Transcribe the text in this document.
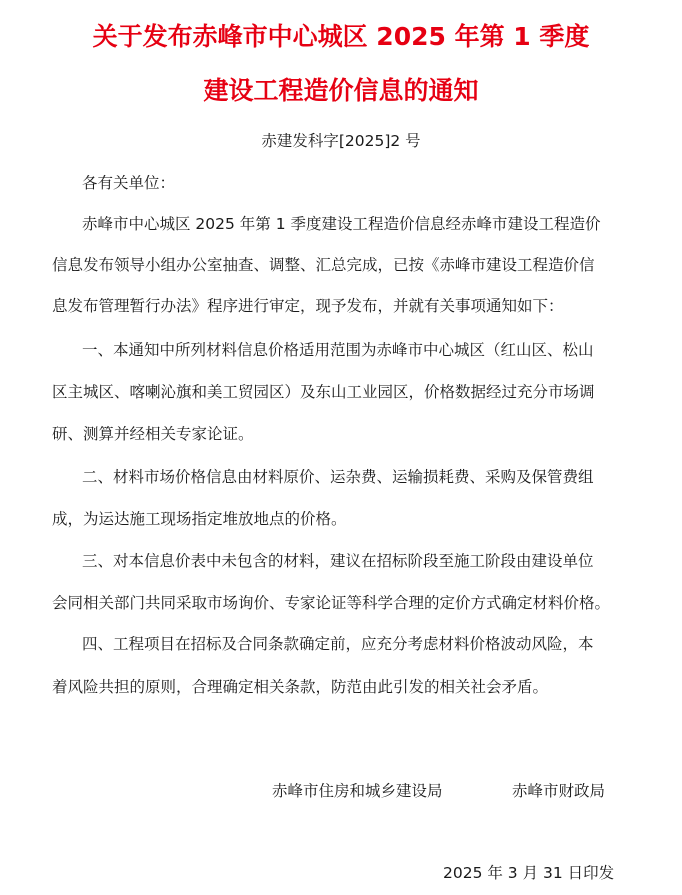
关于发布赤峰市中心城区 2025 年第 1 季度
建设工程造价信息的通知
赤建发科字[2025]2 号
各有关单位：
赤峰市中心城区 2025 年第 1 季度建设工程造价信息经赤峰市建设工程造价
信息发布领导小组办公室抽查、调整、汇总完成，已按《赤峰市建设工程造价信
息发布管理暂行办法》程序进行审定，现予发布，并就有关事项通知如下：
一、本通知中所列材料信息价格适用范围为赤峰市中心城区（红山区、松山
区主城区、喀喇沁旗和美工贸园区）及东山工业园区，价格数据经过充分市场调
研、测算并经相关专家论证。
二、材料市场价格信息由材料原价、运杂费、运输损耗费、采购及保管费组
成，为运达施工现场指定堆放地点的价格。
三、对本信息价表中未包含的材料，建议在招标阶段至施工阶段由建设单位
会同相关部门共同采取市场询价、专家论证等科学合理的定价方式确定材料价格。
四、工程项目在招标及合同条款确定前，应充分考虑材料价格波动风险，本
着风险共担的原则，合理确定相关条款，防范由此引发的相关社会矛盾。
赤峰市住房和城乡建设局	赤峰市财政局
2025 年 3 月 31 日印发
